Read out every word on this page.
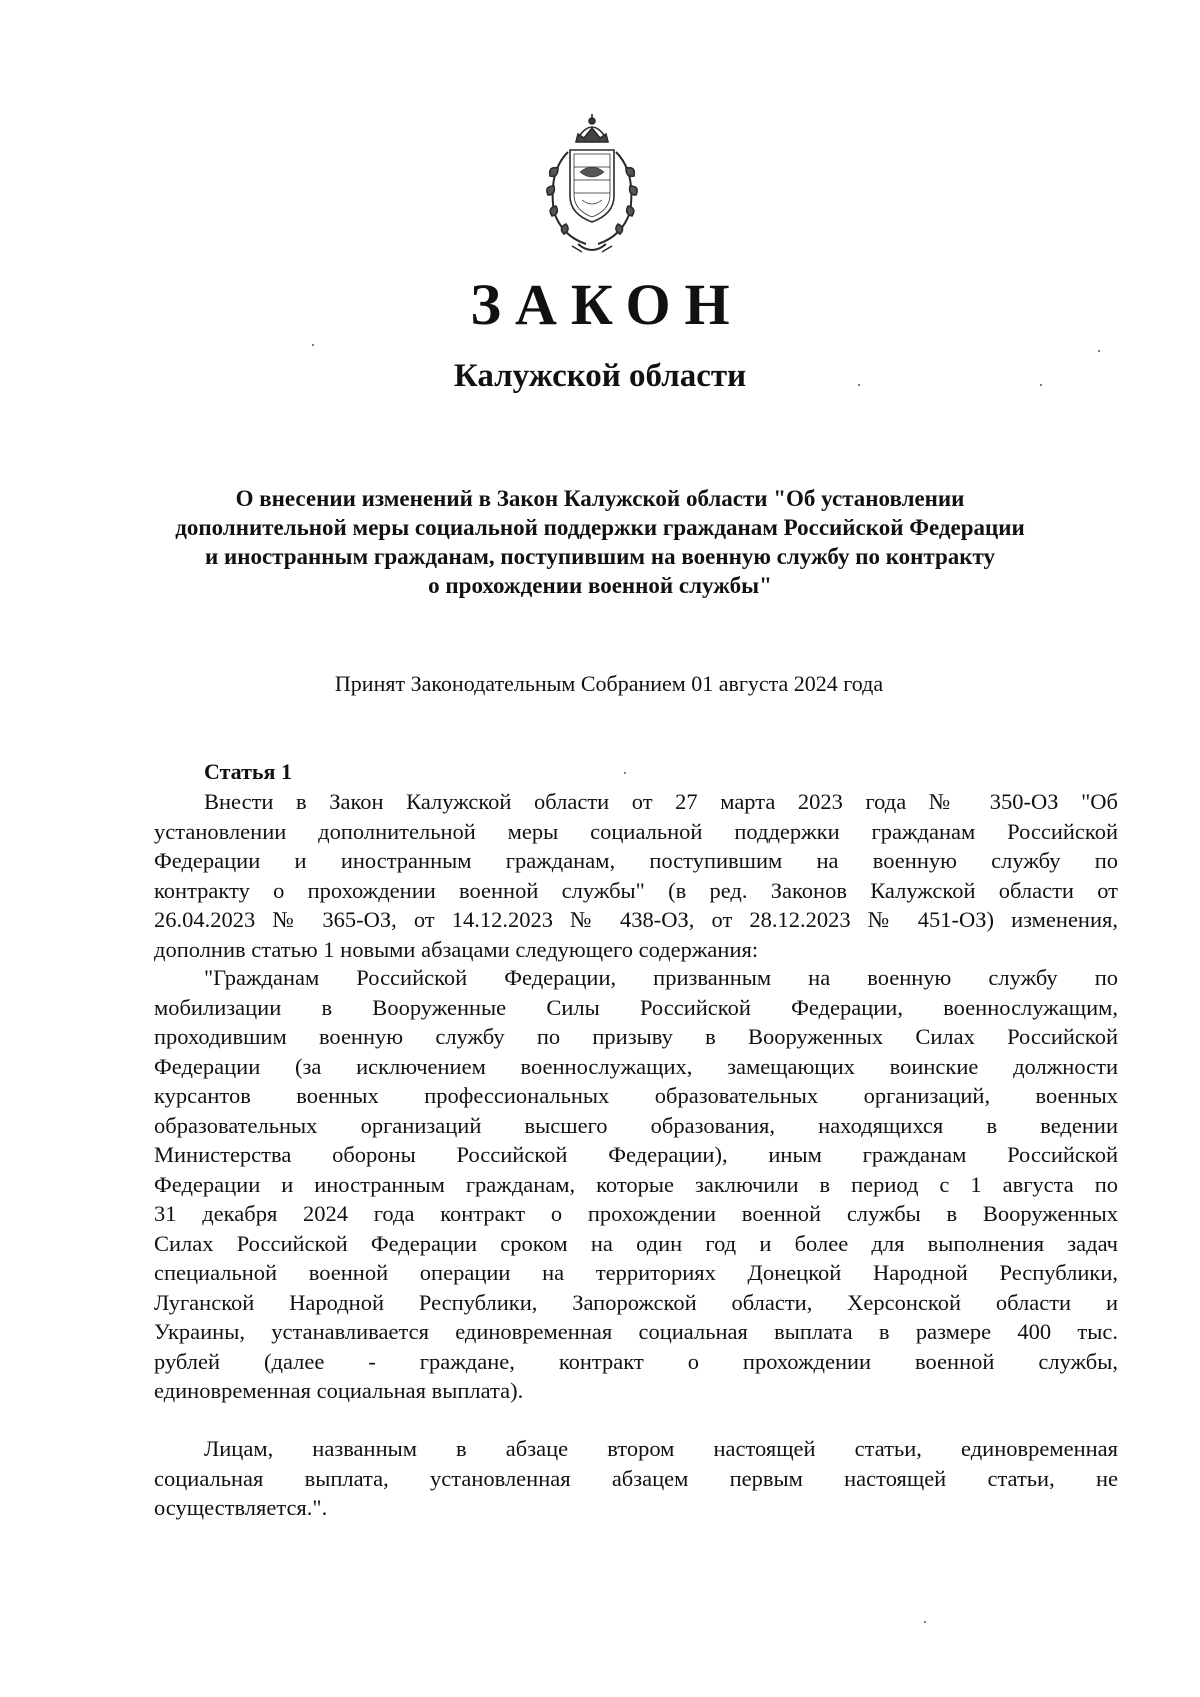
ЗАКОН
Калужской области
О внесении изменений в Закон Калужской области "Об установлении
дополнительной меры социальной поддержки гражданам Российской Федерации
и иностранным гражданам, поступившим на военную службу по контракту
о прохождении военной службы"
Принят Законодательным Собранием 01 августа 2024 года
Статья 1
Внести в Закон Калужской области от 27 марта 2023 года № 350-ОЗ "Об
установлении дополнительной меры социальной поддержки гражданам Российской
Федерации и иностранным гражданам, поступившим на военную службу по
контракту о прохождении военной службы" (в ред. Законов Калужской области от
26.04.2023 № 365-ОЗ, от 14.12.2023 № 438-ОЗ, от 28.12.2023 № 451-ОЗ) изменения,
дополнив статью 1 новыми абзацами следующего содержания:
"Гражданам Российской Федерации, призванным на военную службу по
мобилизации в Вооруженные Силы Российской Федерации, военнослужащим,
проходившим военную службу по призыву в Вооруженных Силах Российской
Федерации (за исключением военнослужащих, замещающих воинские должности
курсантов военных профессиональных образовательных организаций, военных
образовательных организаций высшего образования, находящихся в ведении
Министерства обороны Российской Федерации), иным гражданам Российской
Федерации и иностранным гражданам, которые заключили в период с 1 августа по
31 декабря 2024 года контракт о прохождении военной службы в Вооруженных
Силах Российской Федерации сроком на один год и более для выполнения задач
специальной военной операции на территориях Донецкой Народной Республики,
Луганской Народной Республики, Запорожской области, Херсонской области и
Украины, устанавливается единовременная социальная выплата в размере 400 тыс.
рублей (далее - граждане, контракт о прохождении военной службы,
единовременная социальная выплата).
Лицам, названным в абзаце втором настоящей статьи, единовременная
социальная выплата, установленная абзацем первым настоящей статьи, не
осуществляется.".
